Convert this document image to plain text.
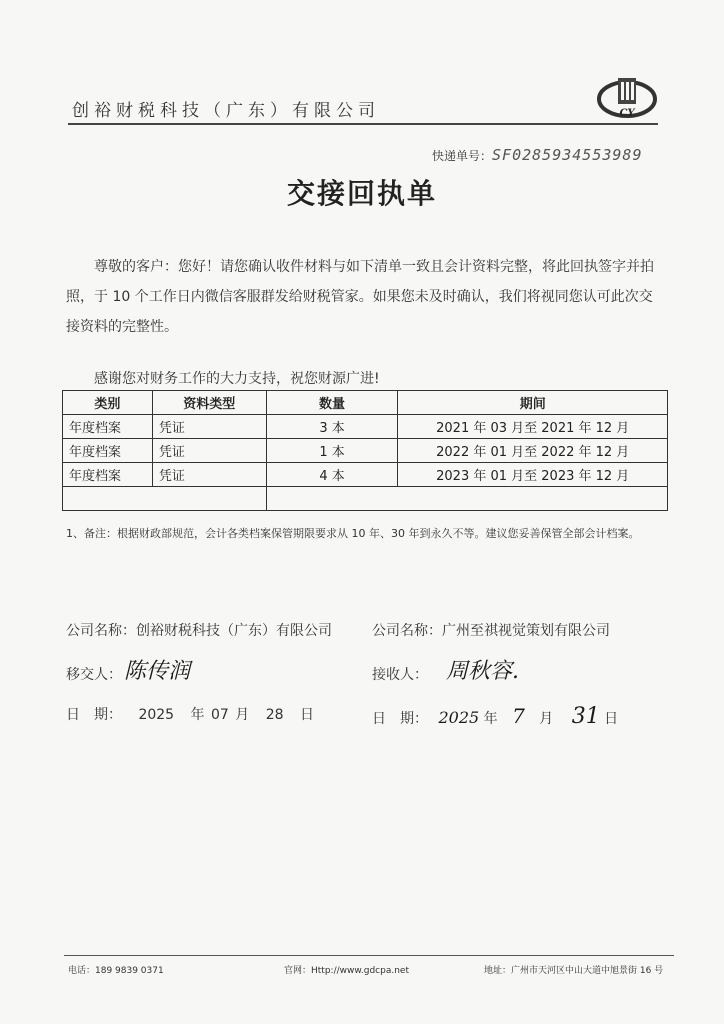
创裕财税科技（广东）有限公司	CY
快递单号：SF0285934553989
交接回执单
尊敬的客户：您好！请您确认收件材料与如下清单一致且会计资料完整，将此回执签字并拍照，于 10 个工作日内微信客服群发给财税管家。如果您未及时确认，我们将视同您认可此次交接资料的完整性。
感谢您对财务工作的大力支持，祝您财源广进!
类别	资料类型	数量	期间
年度档案	凭证	3 本	2021 年 03 月至 2021 年 12 月
年度档案	凭证	1 本	2022 年 01 月至 2022 年 12 月
年度档案	凭证	4 本	2023 年 01 月至 2023 年 12 月

1、备注：根据财政部规范，会计各类档案保管期限要求从 10 年、30 年到永久不等。建议您妥善保管全部会计档案。
公司名称：创裕财税科技（广东）有限公司
移交人： 陈传润
日　期： 2025 年 07 月 28 日
公司名称：广州至祺视觉策划有限公司
接收人： 周秋容.
日　期： 2025 年 7 月 31 日
电话：189 9839 0371	官网：Http://www.gdcpa.net	地址：广州市天河区中山大道中旭景街 16 号
